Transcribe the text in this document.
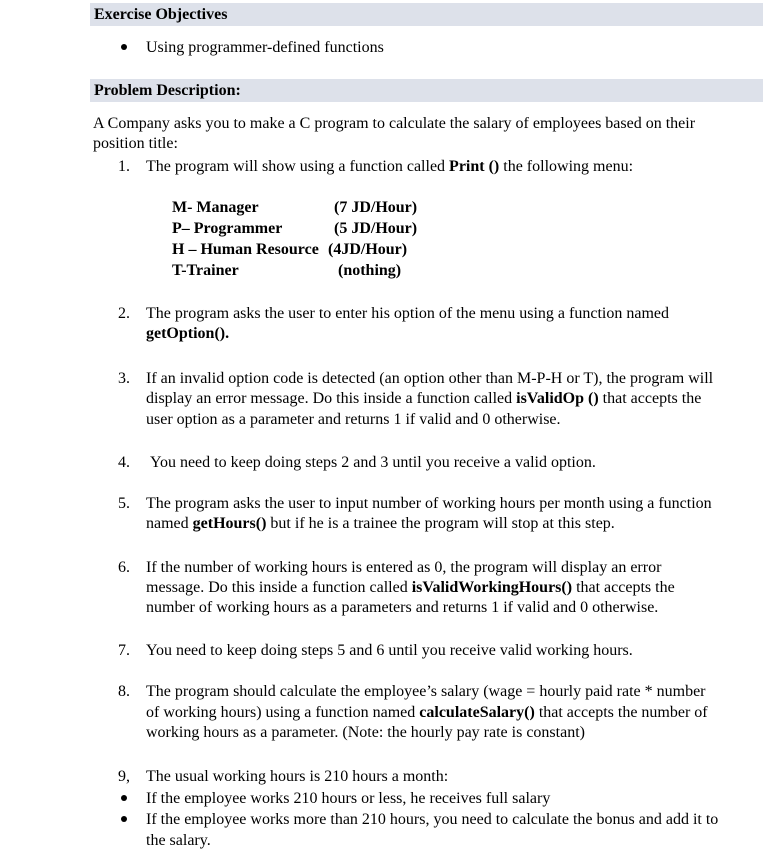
Exercise Objectives
Using programmer-defined functions
Problem Description:
A Company asks you to make a C program to calculate the salary of employees based on their
position title:
1. The program will show using a function called Print () the following menu:
M- Manager	(7 JD/Hour)
P– Programmer	(5 JD/Hour)
H – Human Resource (4JD/Hour)
T-Trainer	(nothing)
2. The program asks the user to enter his option of the menu using a function named
getOption().
3. If an invalid option code is detected (an option other than M-P-H or T), the program will
display an error message. Do this inside a function called isValidOp () that accepts the
user option as a parameter and returns 1 if valid and 0 otherwise.
4. You need to keep doing steps 2 and 3 until you receive a valid option.
5. The program asks the user to input number of working hours per month using a function
named getHours() but if he is a trainee the program will stop at this step.
6. If the number of working hours is entered as 0, the program will display an error
message. Do this inside a function called isValidWorkingHours() that accepts the
number of working hours as a parameters and returns 1 if valid and 0 otherwise.
7. You need to keep doing steps 5 and 6 until you receive valid working hours.
8. The program should calculate the employee’s salary (wage = hourly paid rate * number
of working hours) using a function named calculateSalary() that accepts the number of
working hours as a parameter. (Note: the hourly pay rate is constant)
9, The usual working hours is 210 hours a month:
If the employee works 210 hours or less, he receives full salary
If the employee works more than 210 hours, you need to calculate the bonus and add it to
the salary.
